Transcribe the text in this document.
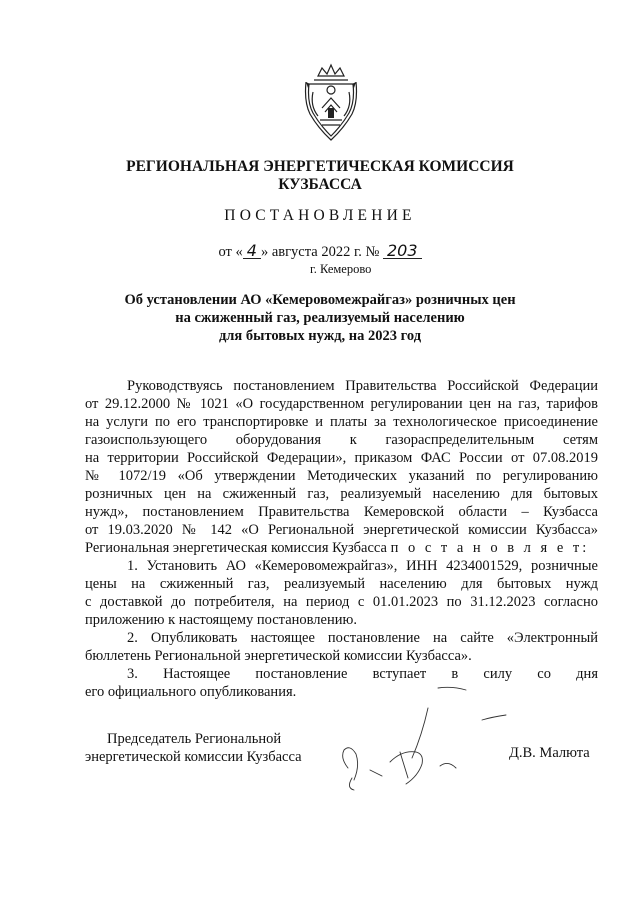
РЕГИОНАЛЬНАЯ ЭНЕРГЕТИЧЕСКАЯ КОМИССИЯ
КУЗБАССА
ПОСТАНОВЛЕНИЕ
от « 4 » августа 2022 г. № 203
г. Кемерово
Об установлении АО «Кемеровомежрайгаз» розничных цен
на сжиженный газ, реализуемый населению
для бытовых нужд, на 2023 год
Руководствуясь постановлением Правительства Российской Федерации
от 29.12.2000 № 1021 «О государственном регулировании цен на газ, тарифов
на услуги по его транспортировке и платы за технологическое присоединение
газоиспользующего оборудования к газораспределительным сетям
на территории Российской Федерации», приказом ФАС России от 07.08.2019
№ 1072/19 «Об утверждении Методических указаний по регулированию
розничных цен на сжиженный газ, реализуемый населению для бытовых
нужд», постановлением Правительства Кемеровской области – Кузбасса
от 19.03.2020 № 142 «О Региональной энергетической комиссии Кузбасса»
Региональная энергетическая комиссия Кузбасса п о с т а н о в л я е т:
1. Установить АО «Кемеровомежрайгаз», ИНН 4234001529, розничные
цены на сжиженный газ, реализуемый населению для бытовых нужд
с доставкой до потребителя, на период с 01.01.2023 по 31.12.2023 согласно
приложению к настоящему постановлению.
2. Опубликовать настоящее постановление на сайте «Электронный
бюллетень Региональной энергетической комиссии Кузбасса».
3. Настоящее постановление вступает в силу со дня
его официального опубликования.
Председатель Региональной
энергетической комиссии Кузбасса	Д.В. Малюта
